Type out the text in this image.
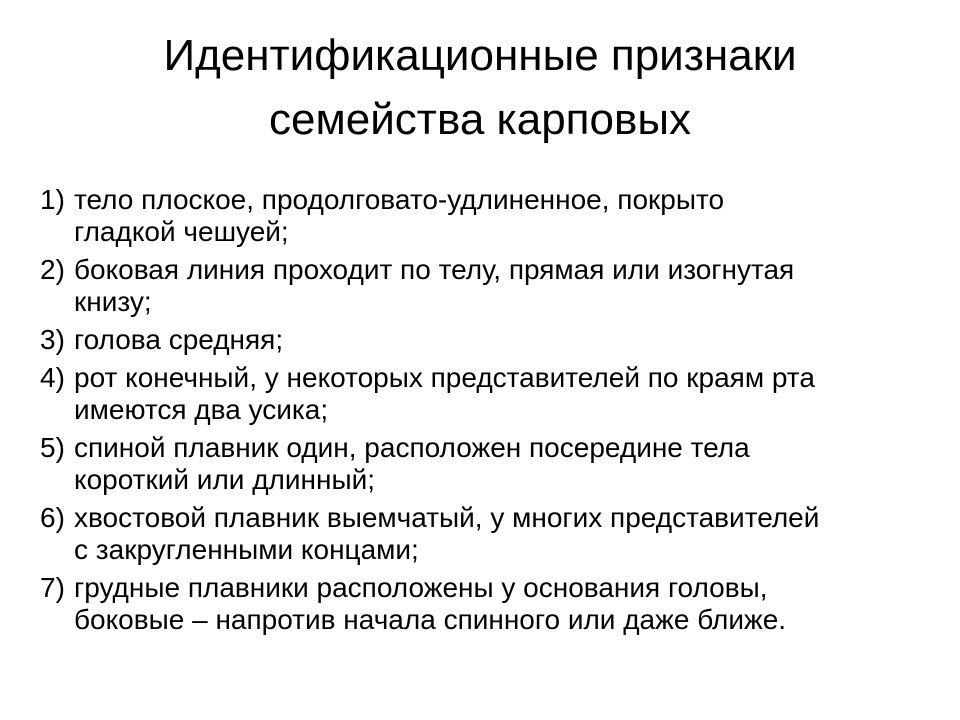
Идентификационные признаки
семейства карповых
1) тело плоское, продолговато-удлиненное, покрыто
гладкой чешуей;
2) боковая линия проходит по телу, прямая или изогнутая
книзу;
3) голова средняя;
4) рот конечный, у некоторых представителей по краям рта
имеются два усика;
5) спиной плавник один, расположен посередине тела
короткий или длинный;
6) хвостовой плавник выемчатый, у многих представителей
с закругленными концами;
7) грудные плавники расположены у основания головы,
боковые – напротив начала спинного или даже ближе.
